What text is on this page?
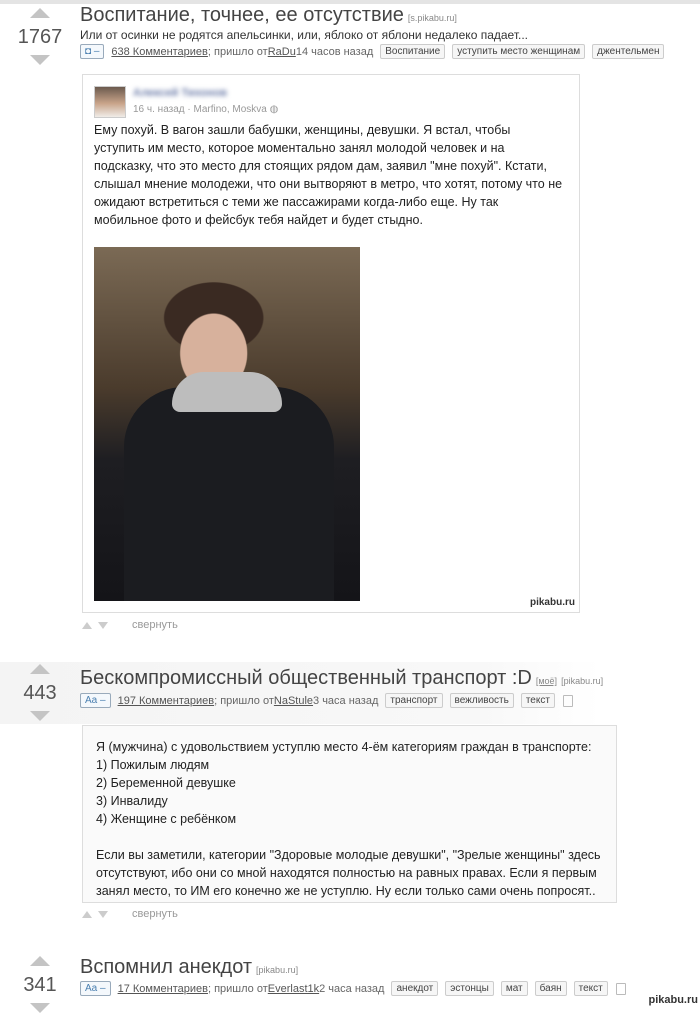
1767
Воспитание, точнее, ее отсутствие [s.pikabu.ru]
Или от осинки не родятся апельсинки, или, яблоко от яблони недалеко падает...
◘ –	638 Комментариев ; пришло от RaDu 14 часов назад	Воспитание	уступить место женщинам	джентельмен
Алексей Тихонов
16 ч. назад · Marfino, Moskva ◍
Ему похуй. В вагон зашли бабушки, женщины, девушки. Я встал, чтобы уступить им место, которое моментально занял молодой человек и на подсказку, что это место для стоящих рядом дам, заявил "мне похуй". Кстати, слышал мнение молодежи, что они вытворяют в метро, что хотят, потому что не ожидают встретиться с теми же пассажирами когда-либо еще. Ну так мобильное фото и фейсбук тебя найдет и будет стыдно.
pikabu.ru
свернуть
443
Бескомпромиссный общественный транспорт :D [моё] [pikabu.ru]
Aa –	197 Комментариев ; пришло от NaStule 3 часа назад	транспорт	вежливость	текст
Я (мужчина) с удовольствием уступлю место 4-ём категориям граждан в транспорте:
1) Пожилым людям
2) Беременной девушке
3) Инвалиду
4) Женщине с ребёнком
Если вы заметили, категории "Здоровые молодые девушки", "Зрелые женщины" здесь отсутствуют, ибо они со мной находятся полностью на равных правах. Если я первым занял место, то ИМ его конечно же не уступлю. Ну если только сами очень попросят..
свернуть
341
Вспомнил анекдот [pikabu.ru]
Aa –	17 Комментариев ; пришло от Everlast1k 2 часа назад	анекдот	эстонцы	мат	баян	текст
pikabu.ru
